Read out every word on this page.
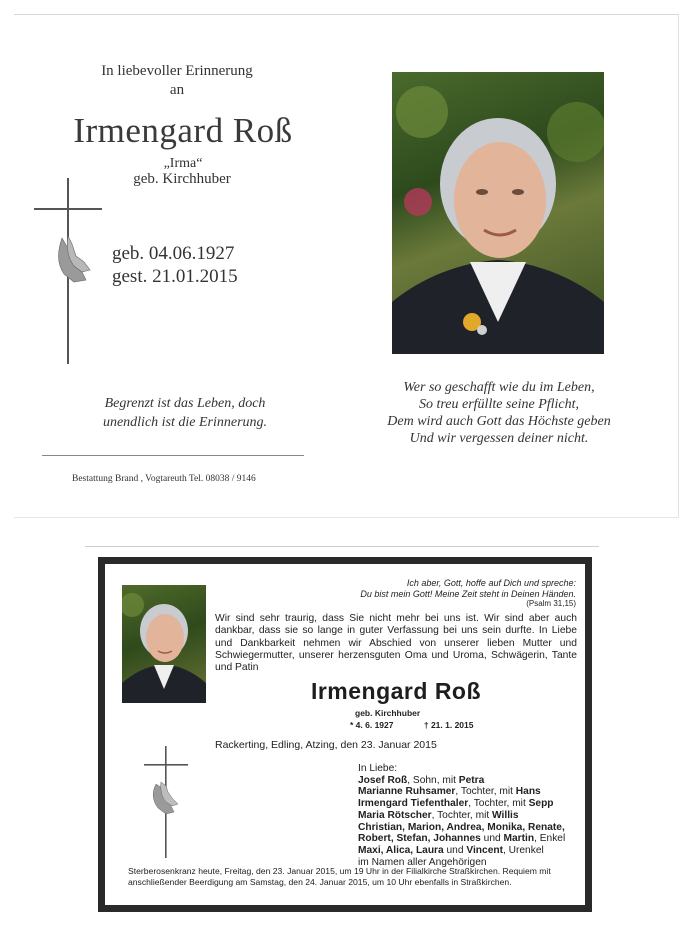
In liebevoller Erinnerung
an
Irmengard Roß
„Irma“
geb. Kirchhuber
geb. 04.06.1927
gest. 21.01.2015
Begrenzt ist das Leben, doch
unendlich ist die Erinnerung.
Bestattung Brand , Vogtareuth Tel. 08038 / 9146
Wer so geschafft wie du im Leben,
So treu erfüllte seine Pflicht,
Dem wird auch Gott das Höchste geben
Und wir vergessen deiner nicht.
Ich aber, Gott, hoffe auf Dich und spreche:
Du bist mein Gott! Meine Zeit steht in Deinen Händen.
(Psalm 31,15)
Wir sind sehr traurig, dass Sie nicht mehr bei uns ist. Wir sind aber auch dankbar, dass sie so lange in guter Verfassung bei uns sein durfte. In Liebe und Dankbarkeit nehmen wir Abschied von unserer lieben Mutter und Schwiegermutter, unserer herzensguten Oma und Uroma, Schwägerin, Tante und Patin
Irmengard Roß
geb. Kirchhuber
* 4. 6. 1927	† 21. 1. 2015
Rackerting, Edling, Atzing, den 23. Januar 2015
In Liebe:
Josef Roß, Sohn, mit Petra
Marianne Ruhsamer, Tochter, mit Hans
Irmengard Tiefenthaler, Tochter, mit Sepp
Maria Rötscher, Tochter, mit Willis
Christian, Marion, Andrea, Monika, Renate,
Robert, Stefan, Johannes und Martin, Enkel
Maxi, Alica, Laura und Vincent, Urenkel
im Namen aller Angehörigen
Sterberosenkranz heute, Freitag, den 23. Januar 2015, um 19 Uhr in der Filialkirche Straßkirchen. Requiem mit anschließender Beerdigung am Samstag, den 24. Januar 2015, um 10 Uhr ebenfalls in Straßkirchen.
